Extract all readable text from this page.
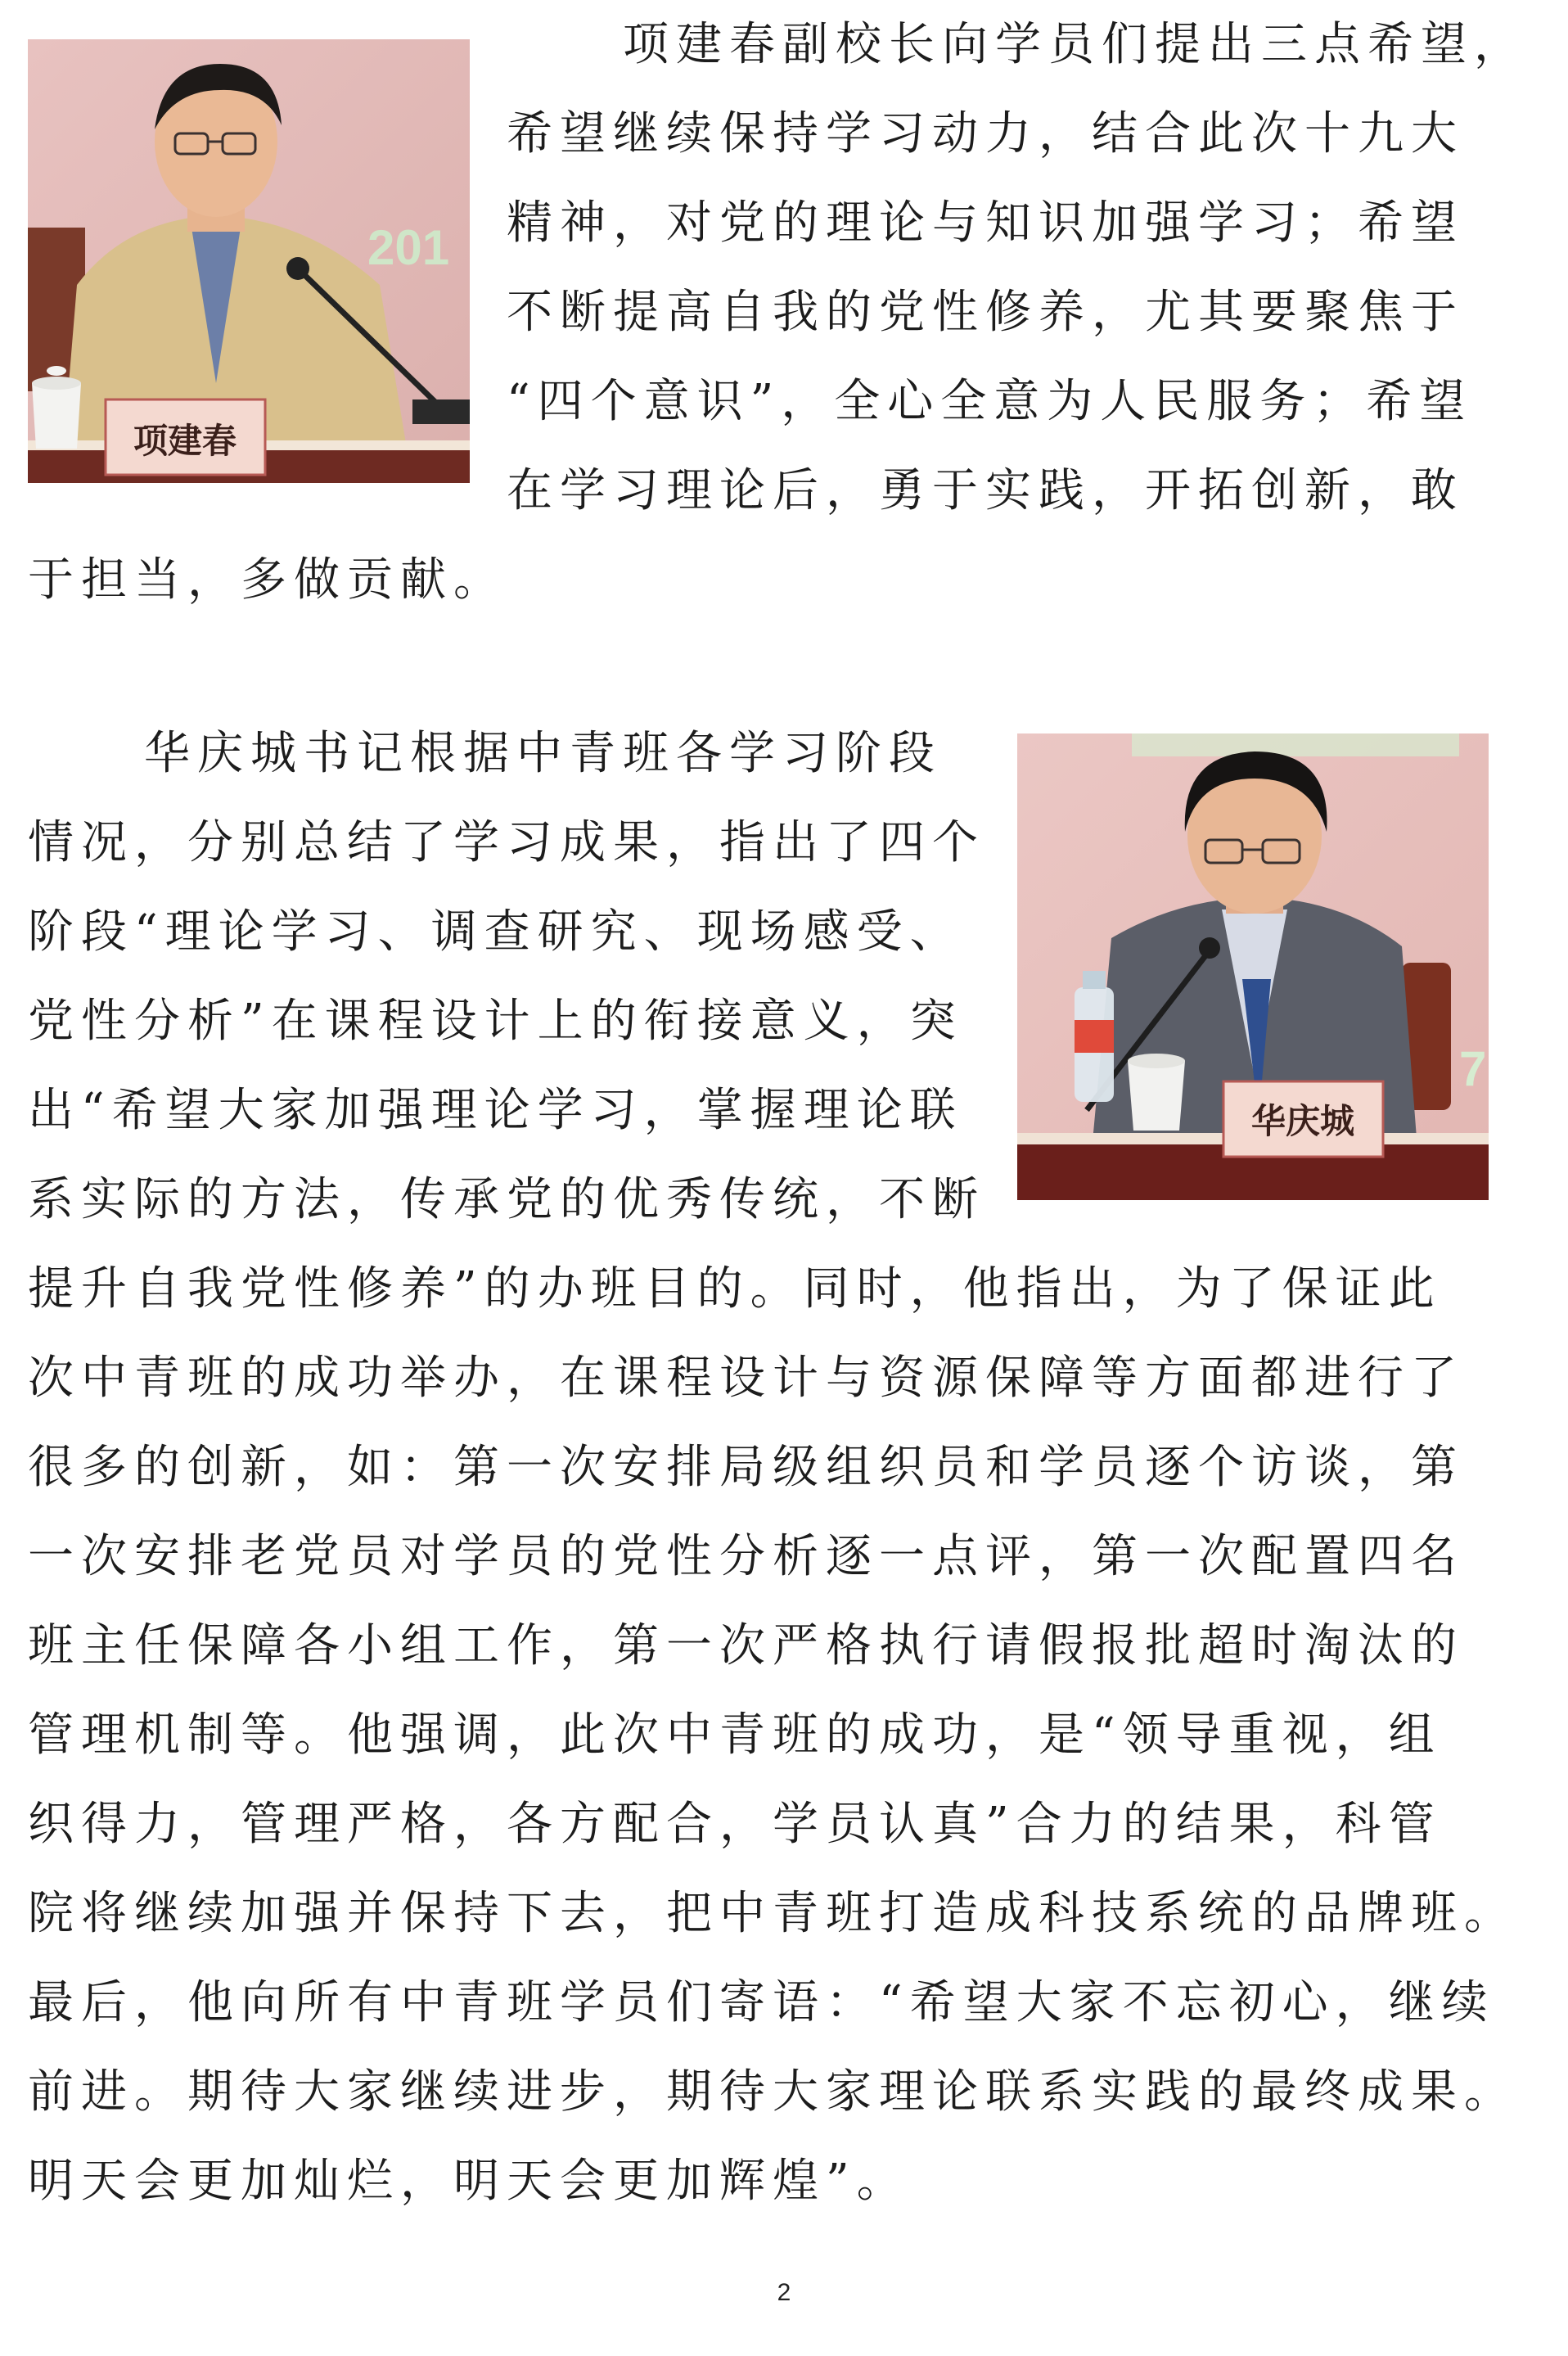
201
项建春
7
华庆城
项建春副校长向学员们提出三点希望，
希望继续保持学习动力，结合此次十九大
精神，对党的理论与知识加强学习；希望
不断提高自我的党性修养，尤其要聚焦于
“四个意识”，全心全意为人民服务；希望
在学习理论后，勇于实践，开拓创新，敢
于担当，多做贡献。
华庆城书记根据中青班各学习阶段
情况，分别总结了学习成果，指出了四个
阶段“理论学习、调查研究、现场感受、
党性分析”在课程设计上的衔接意义，突
出“希望大家加强理论学习，掌握理论联
系实际的方法，传承党的优秀传统，不断
提升自我党性修养”的办班目的。同时，他指出，为了保证此
次中青班的成功举办，在课程设计与资源保障等方面都进行了
很多的创新，如：第一次安排局级组织员和学员逐个访谈，第
一次安排老党员对学员的党性分析逐一点评，第一次配置四名
班主任保障各小组工作，第一次严格执行请假报批超时淘汰的
管理机制等。他强调，此次中青班的成功，是“领导重视，组
织得力，管理严格，各方配合，学员认真”合力的结果，科管
院将继续加强并保持下去，把中青班打造成科技系统的品牌班。
最后，他向所有中青班学员们寄语：“希望大家不忘初心，继续
前进。期待大家继续进步，期待大家理论联系实践的最终成果。
明天会更加灿烂，明天会更加辉煌”。
2
